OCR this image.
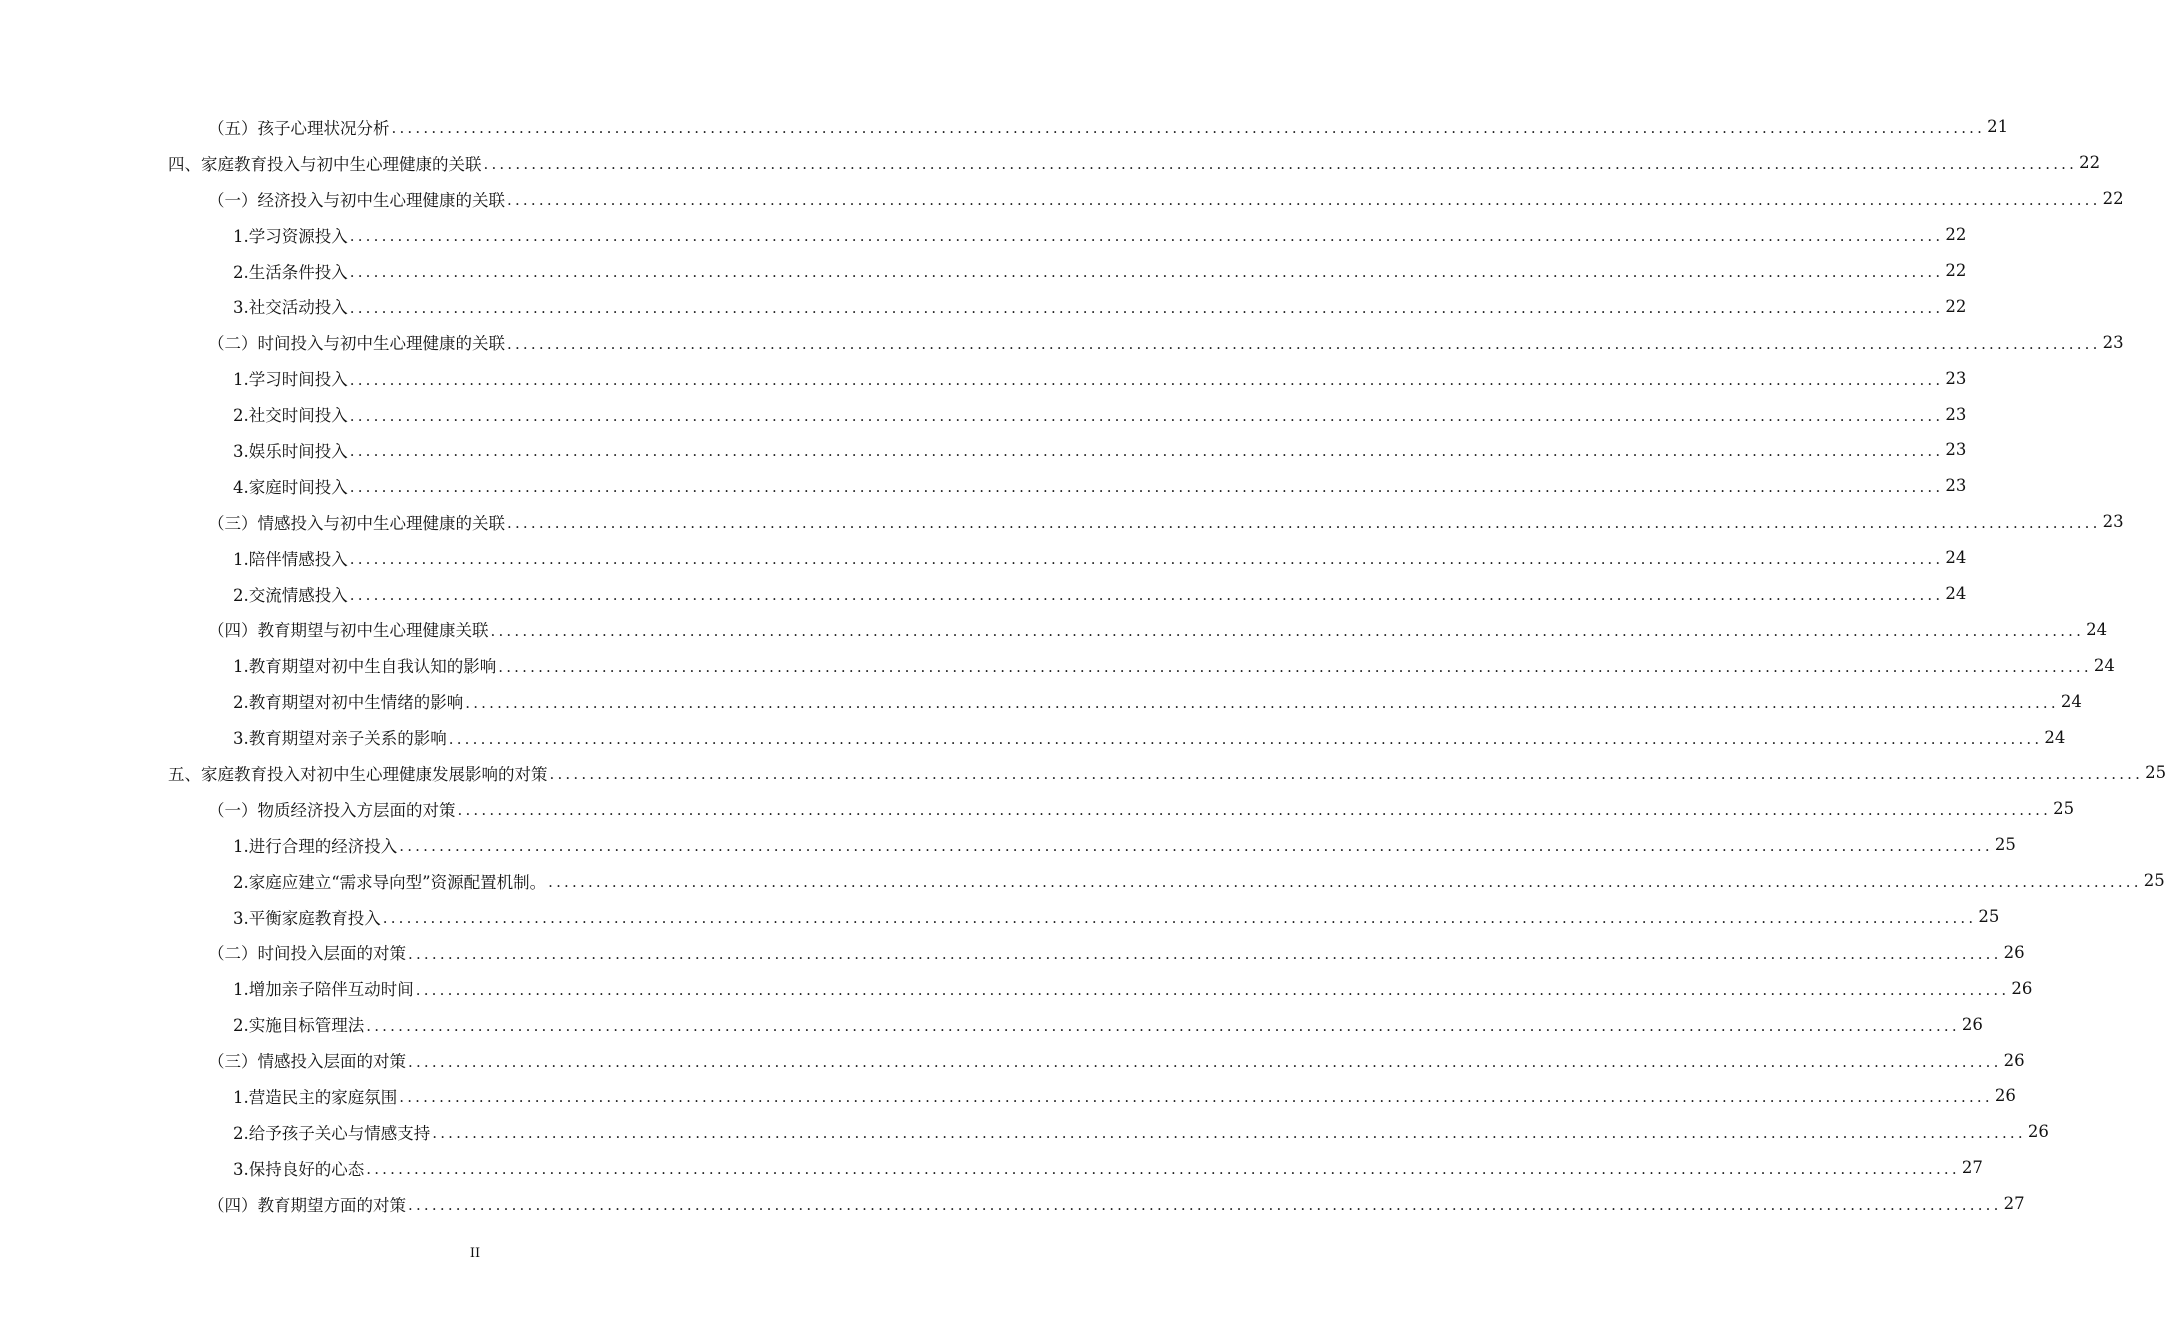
（五）孩子心理状况分析 ........................................................................................................................................................................................................ 21
四、家庭教育投入与初中生心理健康的关联 ........................................................................................................................................................................................................ 22
（一）经济投入与初中生心理健康的关联 ........................................................................................................................................................................................................ 22
1.学习资源投入 ........................................................................................................................................................................................................ 22
2.生活条件投入 ........................................................................................................................................................................................................ 22
3.社交活动投入 ........................................................................................................................................................................................................ 22
（二）时间投入与初中生心理健康的关联 ........................................................................................................................................................................................................ 23
1.学习时间投入 ........................................................................................................................................................................................................ 23
2.社交时间投入 ........................................................................................................................................................................................................ 23
3.娱乐时间投入 ........................................................................................................................................................................................................ 23
4.家庭时间投入 ........................................................................................................................................................................................................ 23
（三）情感投入与初中生心理健康的关联 ........................................................................................................................................................................................................ 23
1.陪伴情感投入 ........................................................................................................................................................................................................ 24
2.交流情感投入 ........................................................................................................................................................................................................ 24
（四）教育期望与初中生心理健康关联 ........................................................................................................................................................................................................ 24
1.教育期望对初中生自我认知的影响 ........................................................................................................................................................................................................ 24
2.教育期望对初中生情绪的影响 ........................................................................................................................................................................................................ 24
3.教育期望对亲子关系的影响 ........................................................................................................................................................................................................ 24
五、家庭教育投入对初中生心理健康发展影响的对策 ........................................................................................................................................................................................................ 25
（一）物质经济投入方层面的对策 ........................................................................................................................................................................................................ 25
1.进行合理的经济投入 ........................................................................................................................................................................................................ 25
2.家庭应建立“需求导向型”资源配置机制。 ........................................................................................................................................................................................................ 25
3.平衡家庭教育投入 ........................................................................................................................................................................................................ 25
（二）时间投入层面的对策 ........................................................................................................................................................................................................ 26
1.增加亲子陪伴互动时间 ........................................................................................................................................................................................................ 26
2.实施目标管理法 ........................................................................................................................................................................................................ 26
（三）情感投入层面的对策 ........................................................................................................................................................................................................ 26
1.营造民主的家庭氛围 ........................................................................................................................................................................................................ 26
2.给予孩子关心与情感支持 ........................................................................................................................................................................................................ 26
3.保持良好的心态 ........................................................................................................................................................................................................ 27
（四）教育期望方面的对策 ........................................................................................................................................................................................................ 27
II
